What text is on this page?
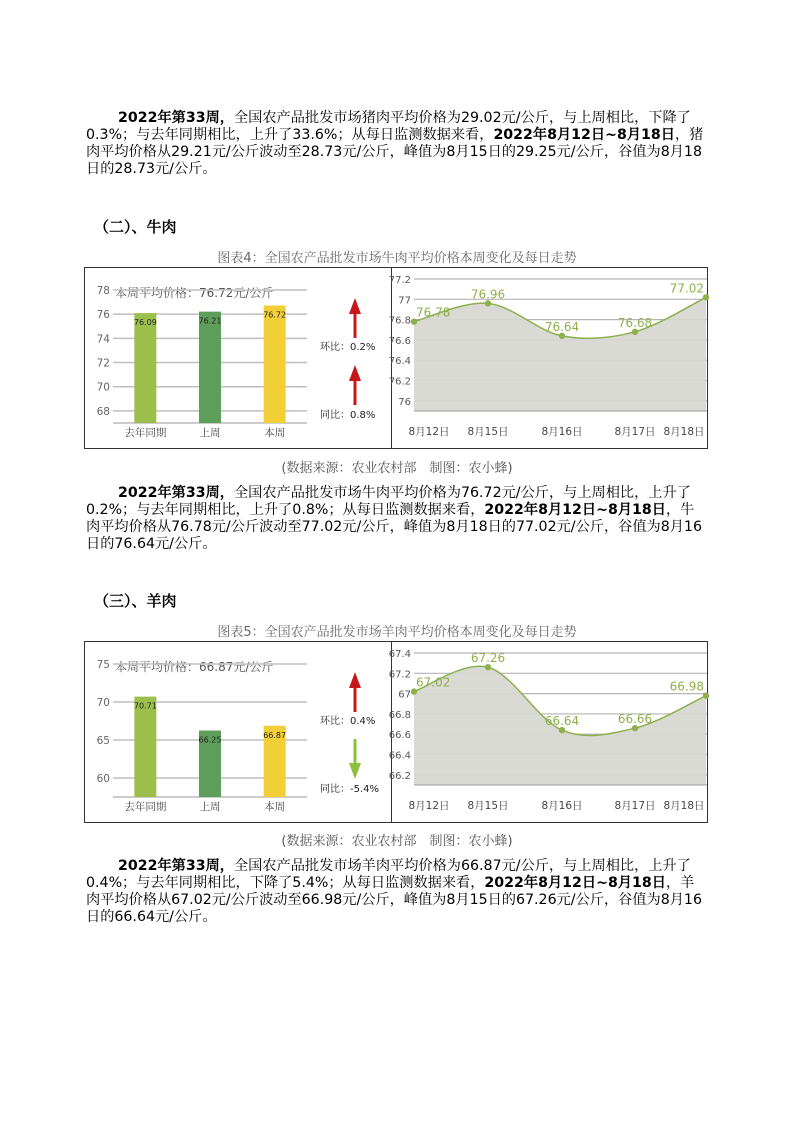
2022年第33周，全国农产品批发市场猪肉平均价格为29.02元/公斤，与上周相比，下降了0.3%；与去年同期相比，上升了33.6%；从每日监测数据来看，2022年8月12日~8月18日，猪肉平均价格从29.21元/公斤波动至28.73元/公斤，峰值为8月15日的29.25元/公斤，谷值为8月18日的28.73元/公斤。

（二）、牛肉
图表4：全国农产品批发市场牛肉平均价格本周变化及每日走势
本周平均价格：76.72元/公斤
68
70
72
74
76
78
76.09
去年同期
76.21
上周
76.72
本周
环比：0.2%
同比：0.8%
76
76.2
76.4
76.6
76.8
77
77.2
76.78
8月12日
76.96
8月15日
76.64
8月16日
76.68
8月17日
77.02
8月18日
(数据来源：农业农村部　制图：农小蜂)

2022年第33周，全国农产品批发市场牛肉平均价格为76.72元/公斤，与上周相比，上升了0.2%；与去年同期相比，上升了0.8%；从每日监测数据来看，2022年8月12日~8月18日，牛肉平均价格从76.78元/公斤波动至77.02元/公斤，峰值为8月18日的77.02元/公斤，谷值为8月16日的76.64元/公斤。

（三）、羊肉
图表5：全国农产品批发市场羊肉平均价格本周变化及每日走势
本周平均价格：66.87元/公斤
60
65
70
75
70.71
去年同期
66.25
上周
66.87
本周
环比：0.4%
同比：-5.4%
66.2
66.4
66.6
66.8
67
67.2
67.4
67.02
8月12日
67.26
8月15日
66.64
8月16日
66.66
8月17日
66.98
8月18日
(数据来源：农业农村部　制图：农小蜂)

2022年第33周，全国农产品批发市场羊肉平均价格为66.87元/公斤，与上周相比，上升了0.4%；与去年同期相比，下降了5.4%；从每日监测数据来看，2022年8月12日~8月18日，羊肉平均价格从67.02元/公斤波动至66.98元/公斤，峰值为8月15日的67.26元/公斤，谷值为8月16日的66.64元/公斤。
